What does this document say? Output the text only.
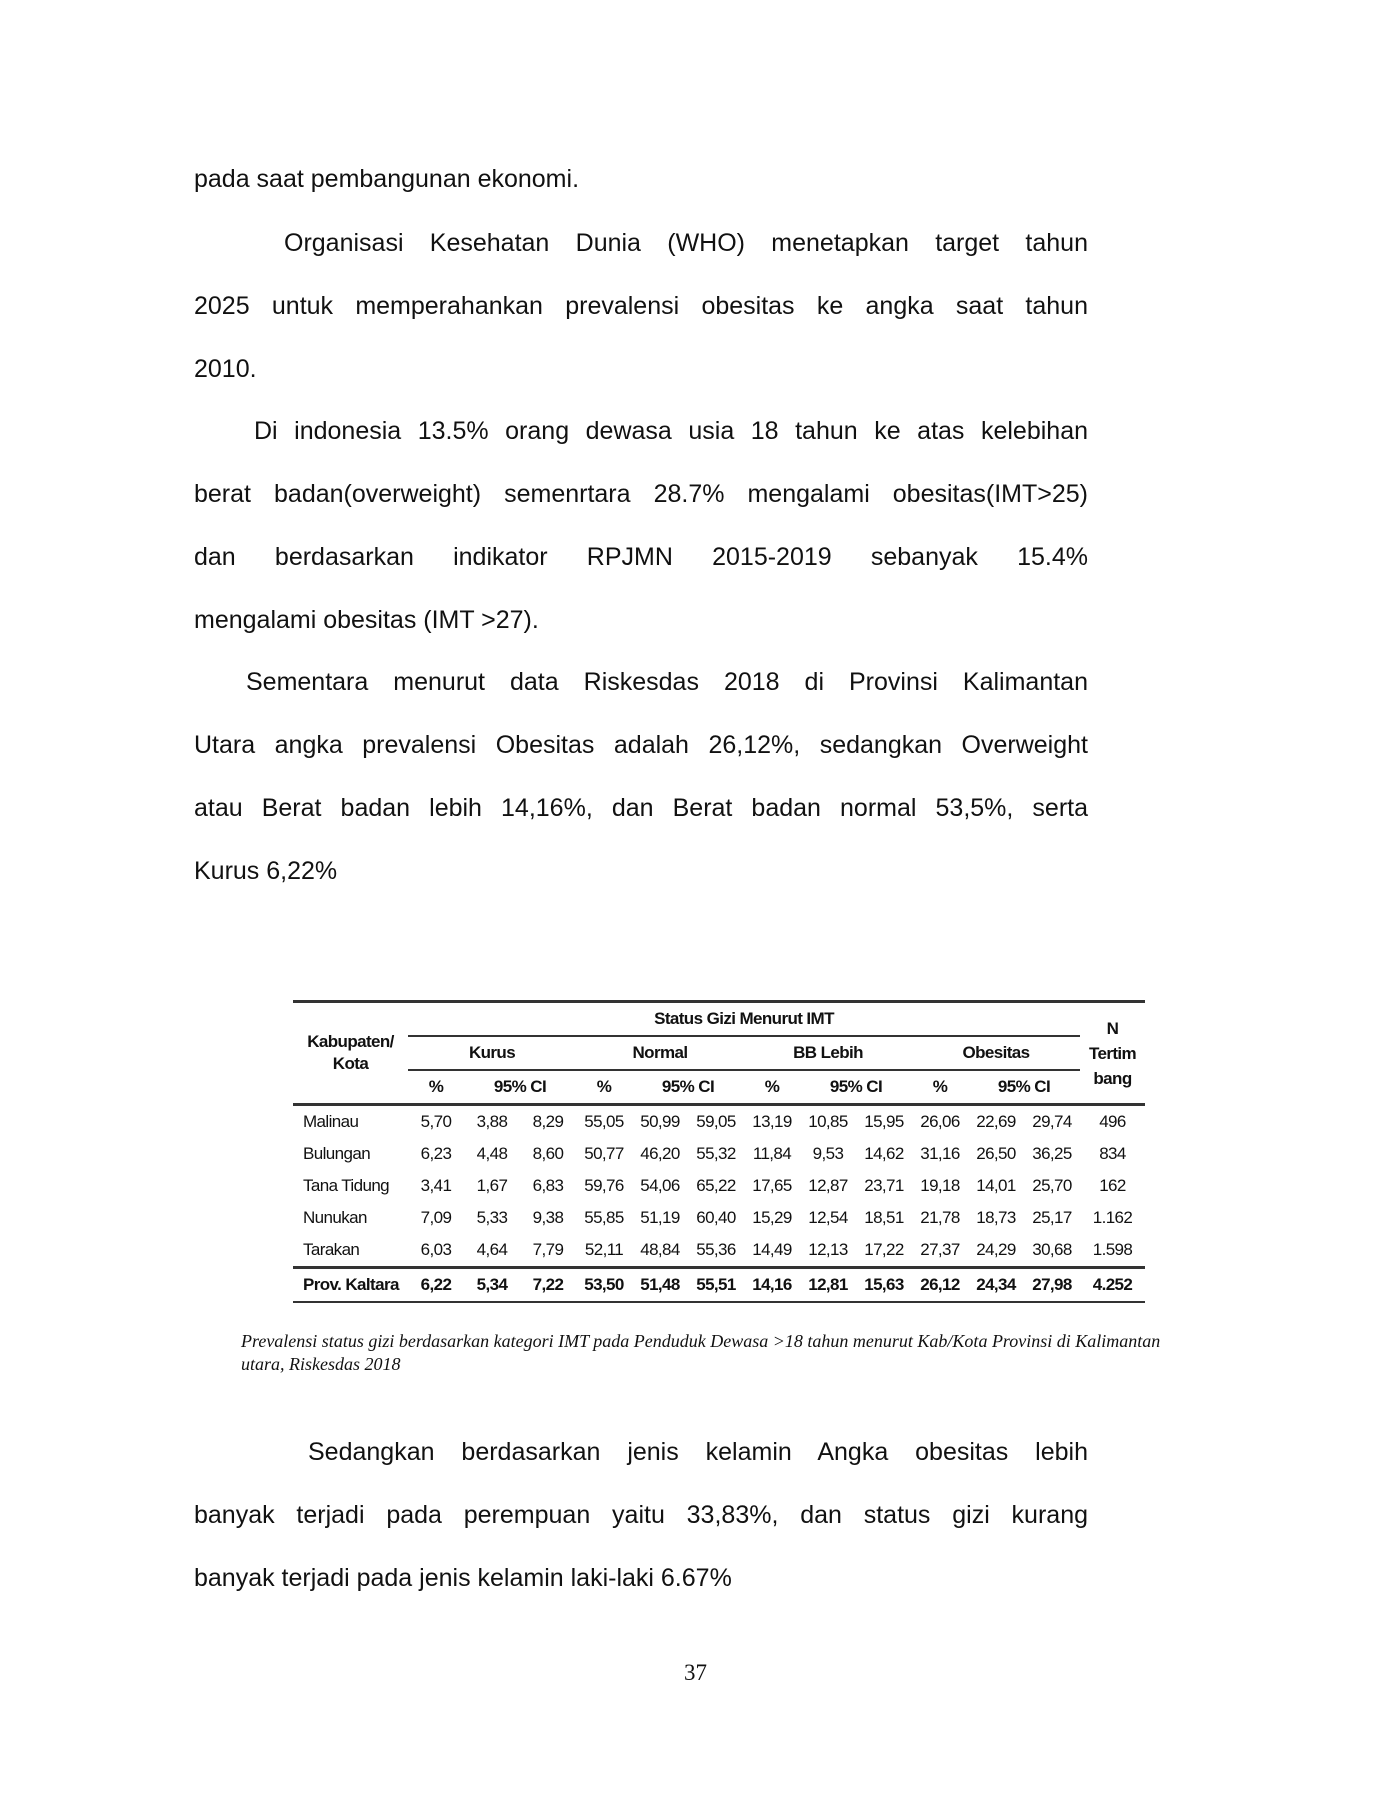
pada saat pembangunan ekonomi.
Organisasi Kesehatan Dunia (WHO) menetapkan target tahun
2025 untuk memperahankan prevalensi obesitas ke angka saat tahun
2010.
Di indonesia 13.5% orang dewasa usia 18 tahun ke atas kelebihan
berat badan(overweight) semenrtara 28.7% mengalami obesitas(IMT>25)
dan berdasarkan indikator RPJMN 2015-2019 sebanyak 15.4%
mengalami obesitas (IMT >27).
Sementara menurut data Riskesdas 2018 di Provinsi Kalimantan
Utara angka prevalensi Obesitas adalah 26,12%, sedangkan Overweight
atau Berat badan lebih 14,16%, dan Berat badan normal 53,5%, serta
Kurus 6,22%
Sedangkan berdasarkan jenis kelamin Angka obesitas lebih
banyak terjadi pada perempuan yaitu 33,83%, dan status gizi kurang
banyak terjadi pada jenis kelamin laki-laki 6.67%
Kabupaten/ Kota	Status Gizi Menurut IMT												N Tertim bang
	Kurus			Normal			BB Lebih			Obesitas			
	%	95% CI		%	95% CI		%	95% CI		%	95% CI		
Malinau	5,70	3,88	8,29	55,05	50,99	59,05	13,19	10,85	15,95	26,06	22,69	29,74	496
Bulungan	6,23	4,48	8,60	50,77	46,20	55,32	11,84	9,53	14,62	31,16	26,50	36,25	834
Tana Tidung	3,41	1,67	6,83	59,76	54,06	65,22	17,65	12,87	23,71	19,18	14,01	25,70	162
Nunukan	7,09	5,33	9,38	55,85	51,19	60,40	15,29	12,54	18,51	21,78	18,73	25,17	1.162
Tarakan	6,03	4,64	7,79	52,11	48,84	55,36	14,49	12,13	17,22	27,37	24,29	30,68	1.598
Prov. Kaltara	6,22	5,34	7,22	53,50	51,48	55,51	14,16	12,81	15,63	26,12	24,34	27,98	4.252
Prevalensi status gizi berdasarkan kategori IMT pada Penduduk Dewasa >18 tahun menurut Kab/Kota Provinsi di Kalimantan utara, Riskesdas 2018
37
